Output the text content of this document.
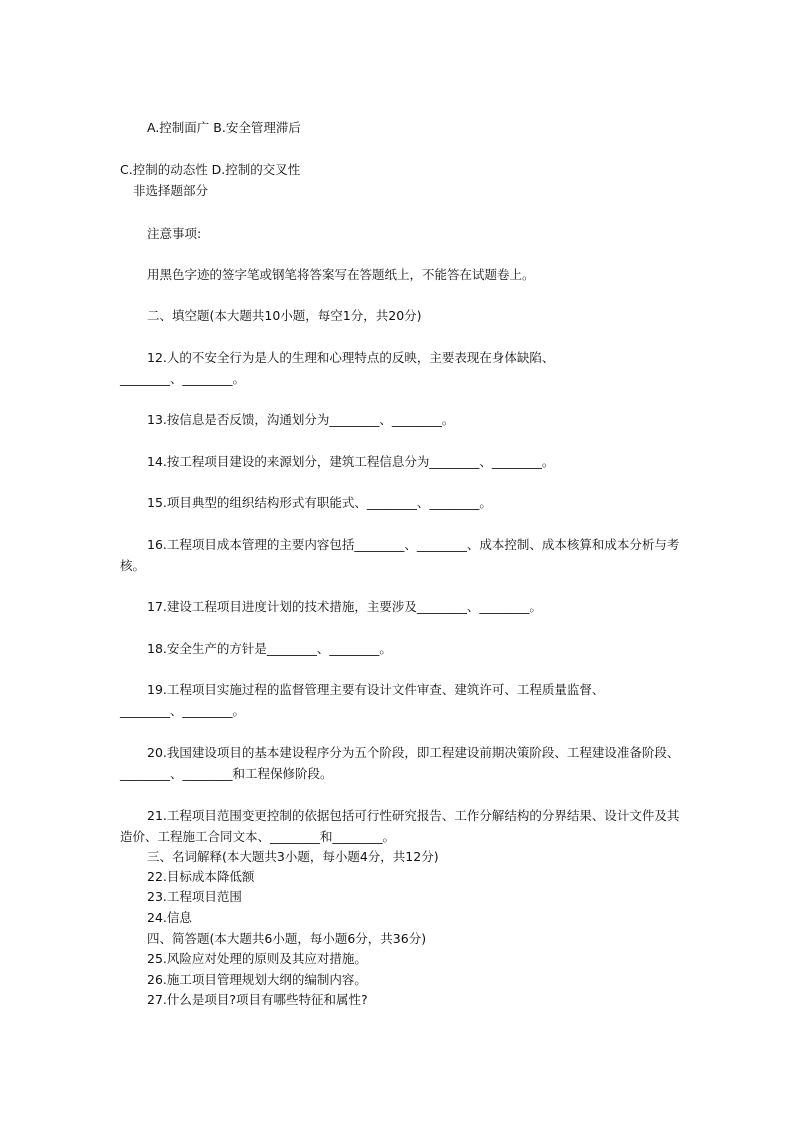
A.控制面广 B.安全管理滞后
C.控制的动态性 D.控制的交叉性
非选择题部分
注意事项:
用黑色字迹的签字笔或钢笔将答案写在答题纸上，不能答在试题卷上。
二、填空题(本大题共10小题，每空1分，共20分)
12.人的不安全行为是人的生理和心理特点的反映，主要表现在身体缺陷、
________、________。
13.按信息是否反馈，沟通划分为________、________。
14.按工程项目建设的来源划分，建筑工程信息分为________、________。
15.项目典型的组织结构形式有职能式、________、________。
16.工程项目成本管理的主要内容包括________、________、成本控制、成本核算和成本分析与考核。
17.建设工程项目进度计划的技术措施，主要涉及________、________。
18.安全生产的方针是________、________。
19.工程项目实施过程的监督管理主要有设计文件审查、建筑许可、工程质量监督、
________、________。
20.我国建设项目的基本建设程序分为五个阶段，即工程建设前期决策阶段、工程建设准备阶段、________、________和工程保修阶段。
21.工程项目范围变更控制的依据包括可行性研究报告、工作分解结构的分界结果、设计文件及其造价、工程施工合同文本、________和________。
三、名词解释(本大题共3小题，每小题4分，共12分)
22.目标成本降低额
23.工程项目范围
24.信息
四、简答题(本大题共6小题，每小题6分，共36分)
25.风险应对处理的原则及其应对措施。
26.施工项目管理规划大纲的编制内容。
27.什么是项目?项目有哪些特征和属性?
